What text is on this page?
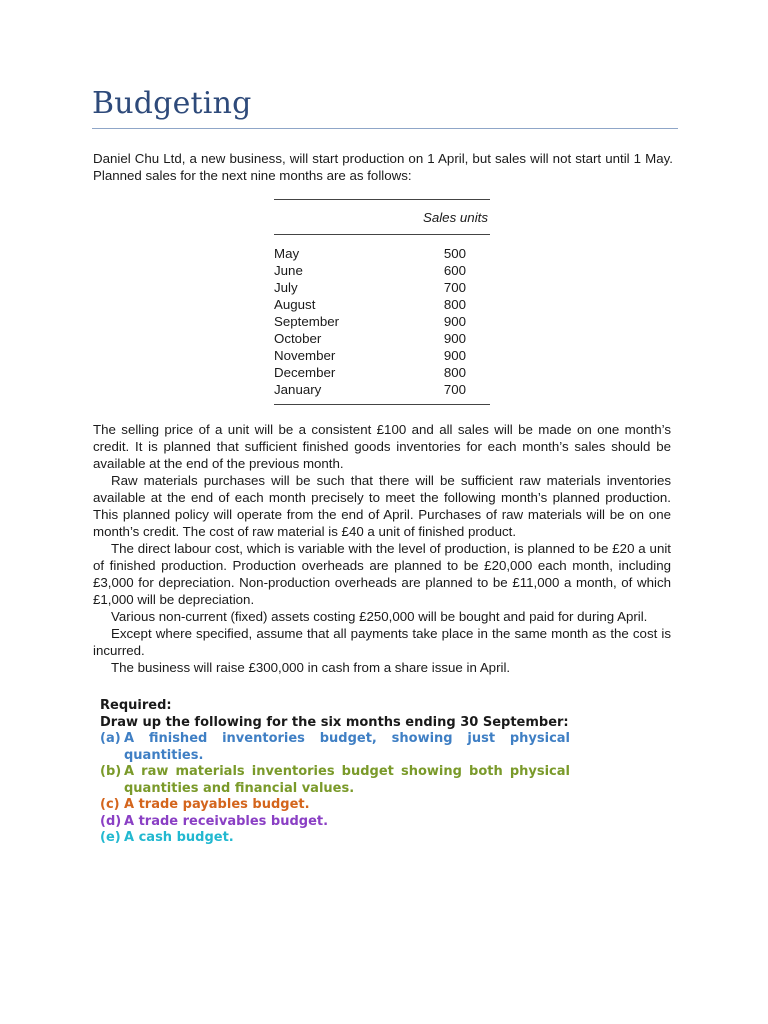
Budgeting
Daniel Chu Ltd, a new business, will start production on 1 April, but sales will not start until 1 May. Planned sales for the next nine months are as follows:
Sales units
May	500
June	600
July	700
August	800
September	900
October	900
November	900
December	800
January	700

The selling price of a unit will be a consistent £100 and all sales will be made on one month’s credit. It is planned that sufficient finished goods inventories for each month’s sales should be available at the end of the previous month.

Raw materials purchases will be such that there will be sufficient raw materials inventories available at the end of each month precisely to meet the following month’s planned production. This planned policy will operate from the end of April. Purchases of raw materials will be on one month’s credit. The cost of raw material is £40 a unit of finished product.

The direct labour cost, which is variable with the level of production, is planned to be £20 a unit of finished production. Production overheads are planned to be £20,000 each month, including £3,000 for depreciation. Non-production overheads are planned to be £11,000 a month, of which £1,000 will be depreciation.

Various non-current (fixed) assets costing £250,000 will be bought and paid for during April.

Except where specified, assume that all payments take place in the same month as the cost is incurred.

The business will raise £300,000 in cash from a share issue in April.

Required:
Draw up the following for the six months ending 30 September:
(a) A finished inventories budget, showing just physical quantities.
(b) A raw materials inventories budget showing both physical quantities and financial values.
(c) A trade payables budget.
(d) A trade receivables budget.
(e) A cash budget.
